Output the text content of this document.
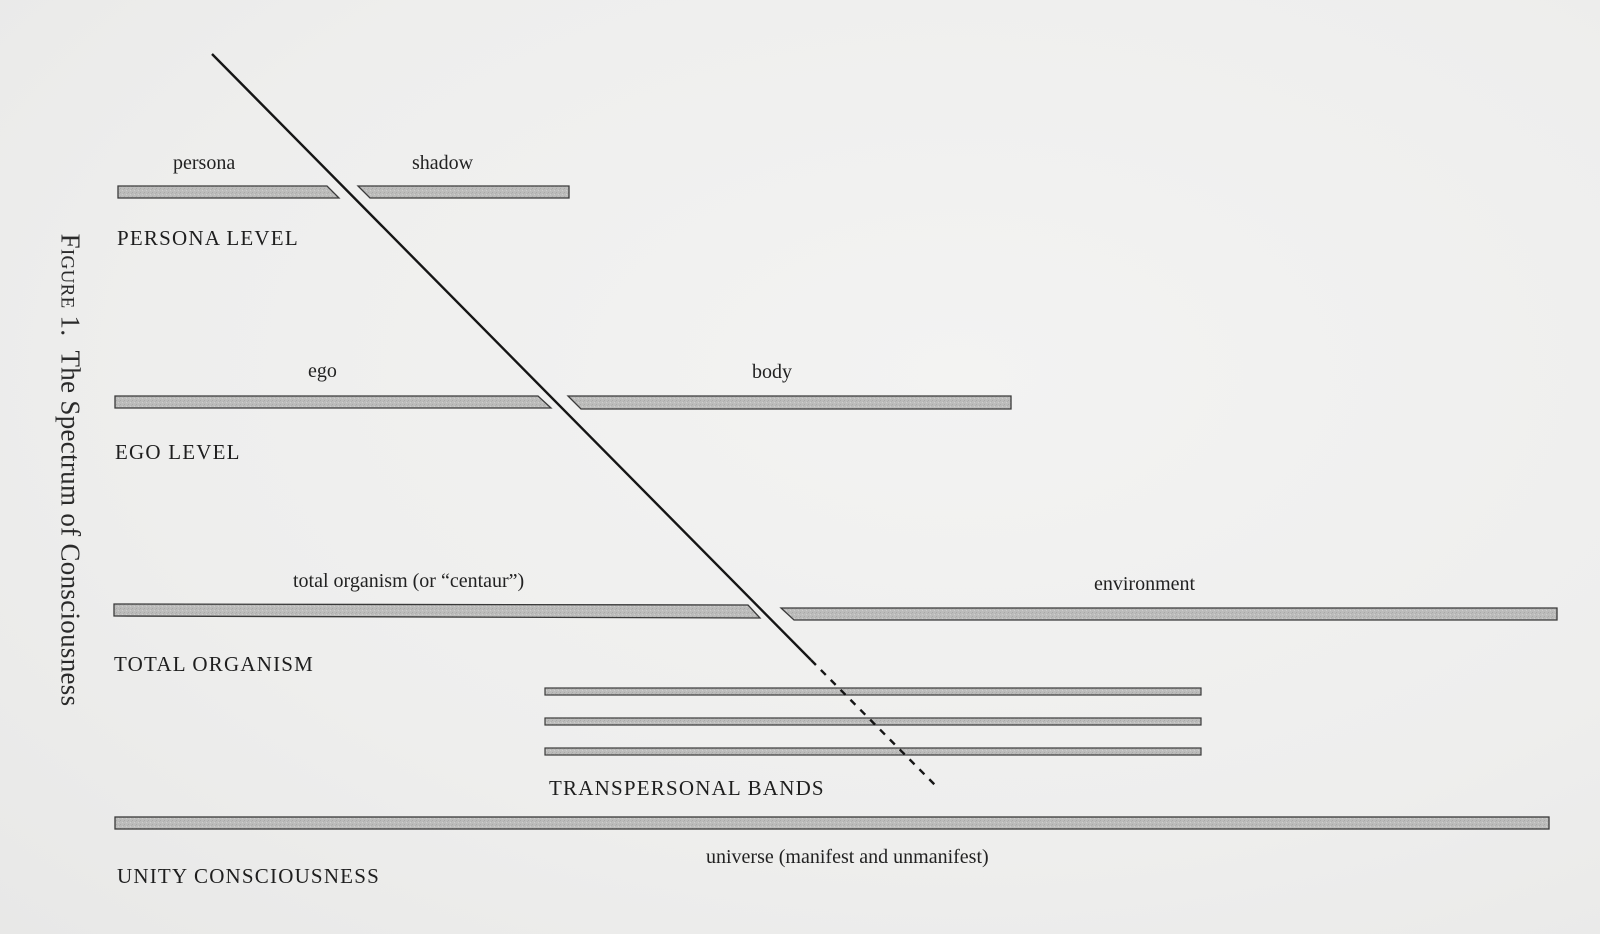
Figure 1.  The Spectrum of Consciousness
persona	shadow
PERSONA LEVEL
ego	body
EGO LEVEL
total organism (or “centaur”)	environment
TOTAL ORGANISM
TRANSPERSONAL BANDS
universe (manifest and unmanifest)
UNITY CONSCIOUSNESS
